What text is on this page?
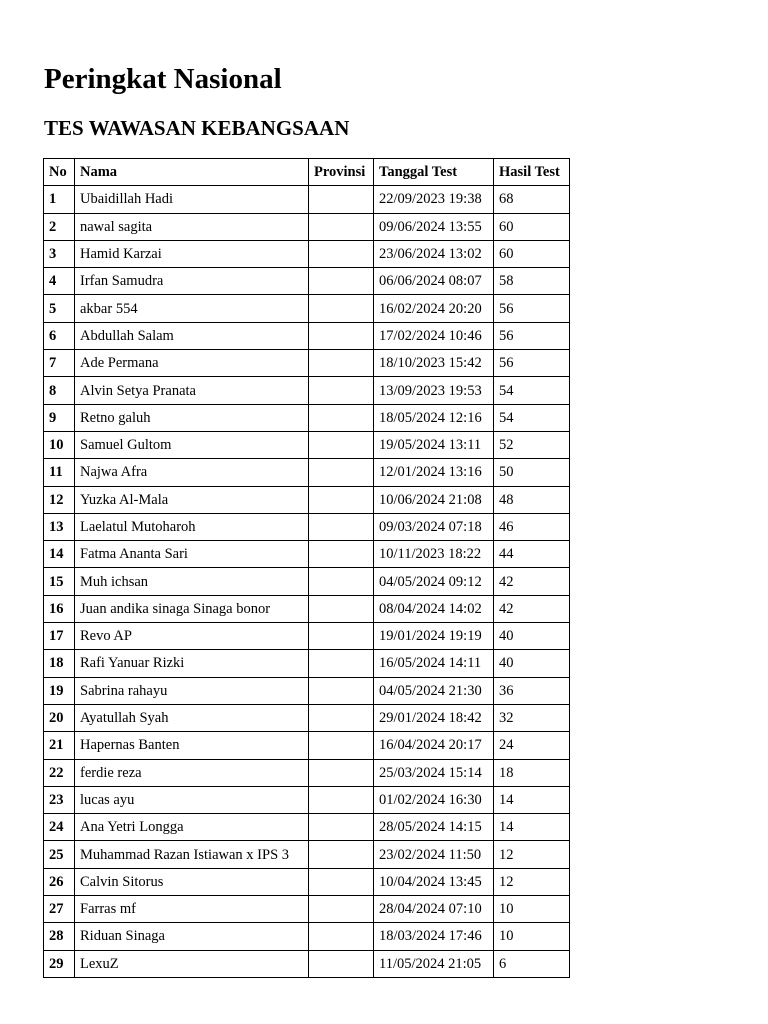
Peringkat Nasional
TES WAWASAN KEBANGSAAN
No	Nama	Provinsi	Tanggal Test	Hasil Test
1	Ubaidillah Hadi		22/09/2023 19:38	68
2	nawal sagita		09/06/2024 13:55	60
3	Hamid Karzai		23/06/2024 13:02	60
4	Irfan Samudra		06/06/2024 08:07	58
5	akbar 554		16/02/2024 20:20	56
6	Abdullah Salam		17/02/2024 10:46	56
7	Ade Permana		18/10/2023 15:42	56
8	Alvin Setya Pranata		13/09/2023 19:53	54
9	Retno galuh		18/05/2024 12:16	54
10	Samuel Gultom		19/05/2024 13:11	52
11	Najwa Afra		12/01/2024 13:16	50
12	Yuzka Al-Mala		10/06/2024 21:08	48
13	Laelatul Mutoharoh		09/03/2024 07:18	46
14	Fatma Ananta Sari		10/11/2023 18:22	44
15	Muh ichsan		04/05/2024 09:12	42
16	Juan andika sinaga Sinaga bonor		08/04/2024 14:02	42
17	Revo AP		19/01/2024 19:19	40
18	Rafi Yanuar Rizki		16/05/2024 14:11	40
19	Sabrina rahayu		04/05/2024 21:30	36
20	Ayatullah Syah		29/01/2024 18:42	32
21	Hapernas Banten		16/04/2024 20:17	24
22	ferdie reza		25/03/2024 15:14	18
23	lucas ayu		01/02/2024 16:30	14
24	Ana Yetri Longga		28/05/2024 14:15	14
25	Muhammad Razan Istiawan x IPS 3		23/02/2024 11:50	12
26	Calvin Sitorus		10/04/2024 13:45	12
27	Farras mf		28/04/2024 07:10	10
28	Riduan Sinaga		18/03/2024 17:46	10
29	LexuZ		11/05/2024 21:05	6
